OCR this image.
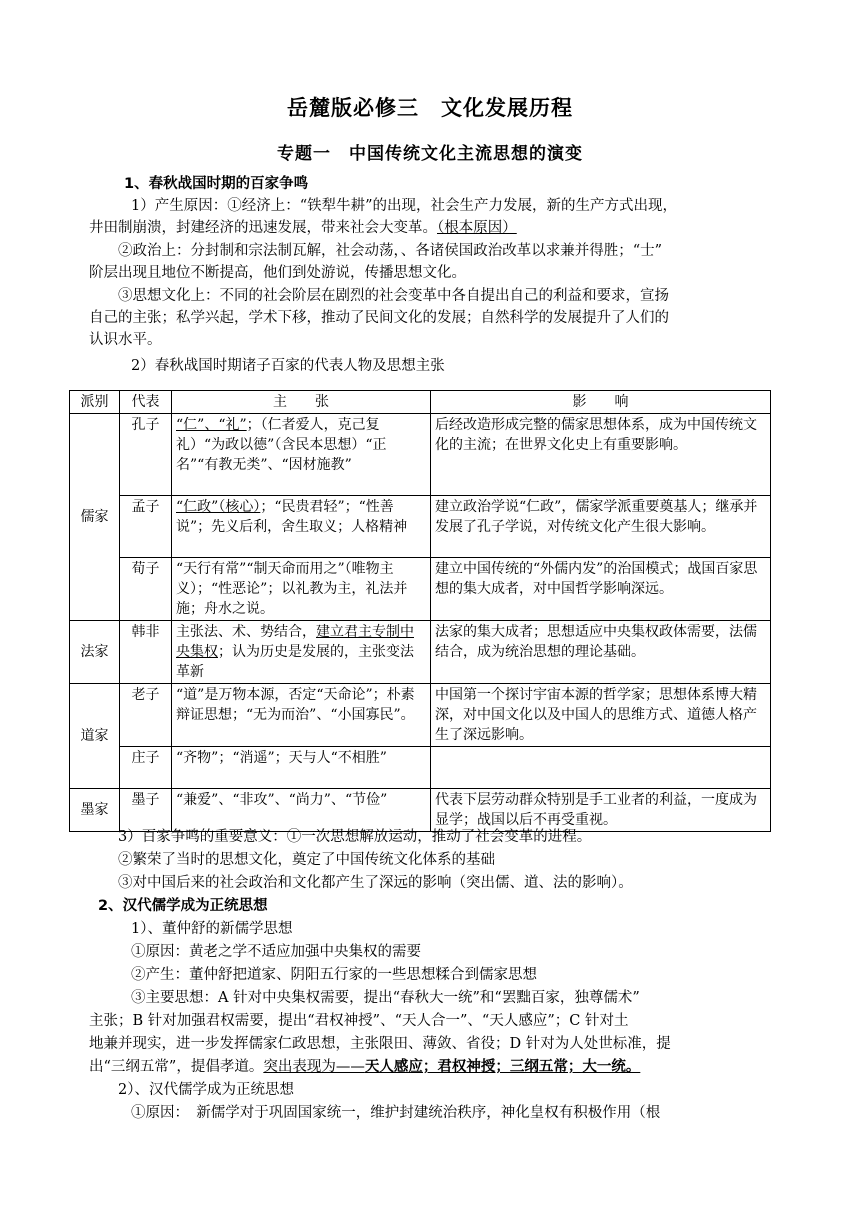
岳麓版必修三　文化发展历程
专题一　中国传统文化主流思想的演变
1、春秋战国时期的百家争鸣
1）产生原因：①经济上：“铁犁牛耕”的出现，社会生产力发展，新的生产方式出现，
井田制崩溃，封建经济的迅速发展，带来社会大变革。（根本原因）
②政治上：分封制和宗法制瓦解，社会动荡，、各诸侯国政治改革以求兼并得胜；“士”
阶层出现且地位不断提高，他们到处游说，传播思想文化。
③思想文化上：不同的社会阶层在剧烈的社会变革中各自提出自己的利益和要求，宣扬
自己的主张；私学兴起，学术下移，推动了民间文化的发展；自然科学的发展提升了人们的
认识水平。
2）春秋战国时期诸子百家的代表人物及思想主张
派别	代表	主　　张	影　　响
儒家	孔子	“仁”、“礼”；（仁者爱人，克己复礼）“为政以德”（含民本思想）“正名”“有教无类”、“因材施教”	后经改造形成完整的儒家思想体系，成为中国传统文化的主流；在世界文化史上有重要影响。
	孟子	“仁政”（核心）；“民贵君轻”；“性善说”；先义后利，舍生取义；人格精神	建立政治学说“仁政”，儒家学派重要奠基人；继承并发展了孔子学说，对传统文化产生很大影响。
	荀子	“天行有常”“制天命而用之”（唯物主义）；“性恶论”；以礼教为主，礼法并施；舟水之说。	建立中国传统的“外儒内发”的治国模式；战国百家思想的集大成者，对中国哲学影响深远。
法家	韩非	主张法、术、势结合，建立君主专制中央集权；认为历史是发展的，主张变法革新	法家的集大成者；思想适应中央集权政体需要，法儒结合，成为统治思想的理论基础。
道家	老子	“道”是万物本源，否定“天命论”；朴素辩证思想；“无为而治”、“小国寡民”。	中国第一个探讨宇宙本源的哲学家；思想体系博大精深，对中国文化以及中国人的思维方式、道德人格产生了深远影响。
	庄子	“齐物”；“消遥”；天与人“不相胜”	
墨家	墨子	“兼爱”、“非攻”、“尚力”、“节俭”	代表下层劳动群众特别是手工业者的利益，一度成为显学；战国以后不再受重视。
3）百家争鸣的重要意义：①一次思想解放运动，推动了社会变革的进程。
②繁荣了当时的思想文化，奠定了中国传统文化体系的基础
③对中国后来的社会政治和文化都产生了深远的影响（突出儒、道、法的影响）。
2、汉代儒学成为正统思想
1）、董仲舒的新儒学思想
①原因：黄老之学不适应加强中央集权的需要
②产生：董仲舒把道家、阴阳五行家的一些思想糅合到儒家思想
③主要思想：A 针对中央集权需要，提出“春秋大一统”和“罢黜百家，独尊儒术”
主张；B 针对加强君权需要，提出“君权神授”、“天人合一”、“天人感应”；C 针对土
地兼并现实，进一步发挥儒家仁政思想，主张限田、薄敛、省役；D 针对为人处世标准，提
出“三纲五常”，提倡孝道。突出表现为——天人感应；君权神授；三纲五常；大一统。
2）、汉代儒学成为正统思想
①原因：　新儒学对于巩固国家统一，维护封建统治秩序，神化皇权有积极作用（根
